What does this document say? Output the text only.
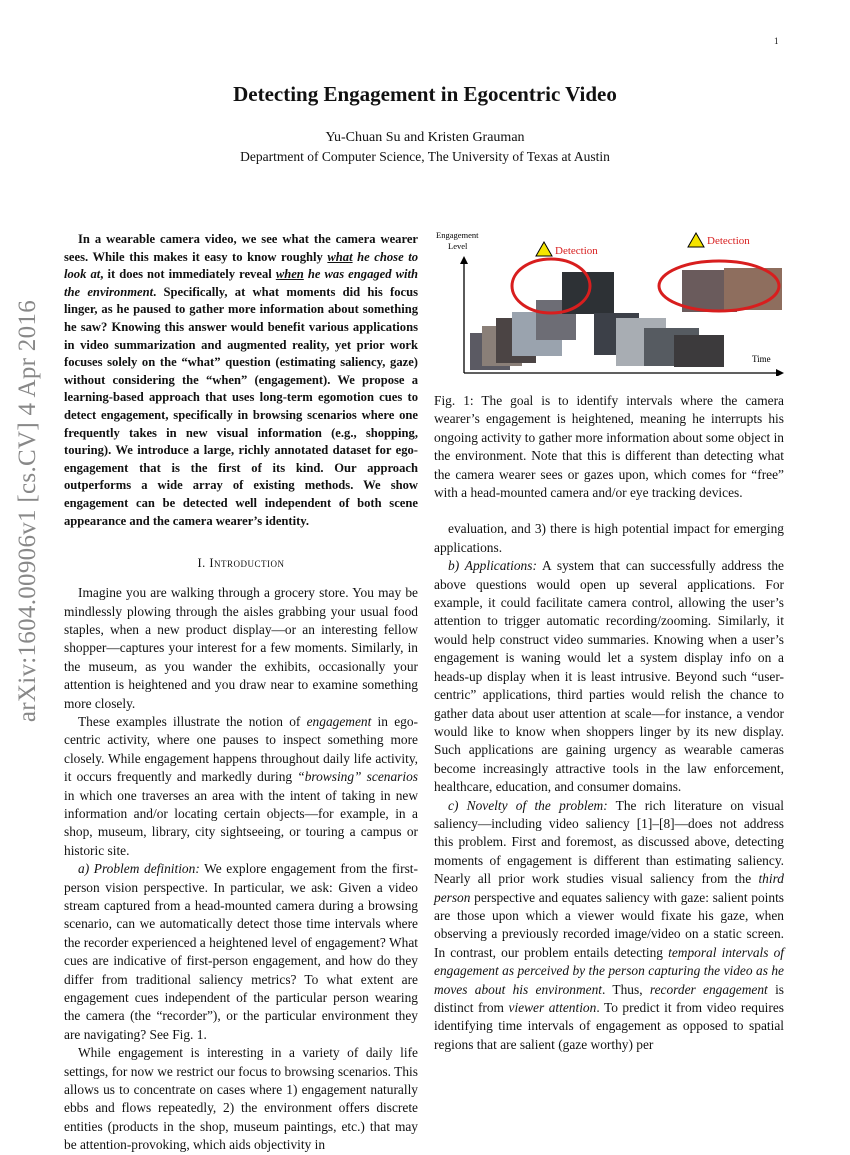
1
arXiv:1604.00906v1 [cs.CV] 4 Apr 2016
Detecting Engagement in Egocentric Video
Yu-Chuan Su and Kristen Grauman
Department of Computer Science, The University of Texas at Austin

In a wearable camera video, we see what the camera wearer sees. While this makes it easy to know roughly what he chose to look at, it does not immediately reveal when he was engaged with the environment. Specifically, at what moments did his focus linger, as he paused to gather more information about something he saw? Knowing this answer would benefit various applications in video summarization and augmented reality, yet prior work focuses solely on the “what” question (estimating saliency, gaze) without considering the “when” (engagement). We propose a learning-based approach that uses long-term egomotion cues to detect engagement, specifically in browsing scenarios where one frequently takes in new visual information (e.g., shopping, touring). We introduce a large, richly annotated dataset for ego-engagement that is the first of its kind. Our approach outperforms a wide array of existing methods. We show engagement can be detected well independent of both scene appearance and the camera wearer’s identity.

I. Introduction

Imagine you are walking through a grocery store. You may be mindlessly plowing through the aisles grabbing your usual food staples, when a new product display—or an interesting fellow shopper—captures your interest for a few moments. Similarly, in the museum, as you wander the exhibits, occasionally your attention is heightened and you draw near to examine something more closely.

These examples illustrate the notion of engagement in ego-centric activity, where one pauses to inspect something more closely. While engagement happens throughout daily life activity, it occurs frequently and markedly during “browsing” scenarios in which one traverses an area with the intent of taking in new information and/or locating certain objects—for example, in a shop, museum, library, city sightseeing, or touring a campus or historic site.

a) Problem definition: We explore engagement from the first-person vision perspective. In particular, we ask: Given a video stream captured from a head-mounted camera during a browsing scenario, can we automatically detect those time intervals where the recorder experienced a heightened level of engagement? What cues are indicative of first-person engagement, and how do they differ from traditional saliency metrics? To what extent are engagement cues independent of the particular person wearing the camera (the “recorder”), or the particular environment they are navigating? See Fig. 1.

While engagement is interesting in a variety of daily life settings, for now we restrict our focus to browsing scenarios. This allows us to concentrate on cases where 1) engagement naturally ebbs and flows repeatedly, 2) the environment offers discrete entities (products in the shop, museum paintings, etc.) that may be attention-provoking, which aids objectivity in

Engagement
Level
Time
Detection
Detection

Fig. 1: The goal is to identify intervals where the camera wearer’s engagement is heightened, meaning he interrupts his ongoing activity to gather more information about some object in the environment. Note that this is different than detecting what the camera wearer sees or gazes upon, which comes for “free” with a head-mounted camera and/or eye tracking devices.

evaluation, and 3) there is high potential impact for emerging applications.

b) Applications: A system that can successfully address the above questions would open up several applications. For example, it could facilitate camera control, allowing the user’s attention to trigger automatic recording/zooming. Similarly, it would help construct video summaries. Knowing when a user’s engagement is waning would let a system display info on a heads-up display when it is least intrusive. Beyond such “user-centric” applications, third parties would relish the chance to gather data about user attention at scale—for instance, a vendor would like to know when shoppers linger by its new display. Such applications are gaining urgency as wearable cameras become increasingly attractive tools in the law enforcement, healthcare, education, and consumer domains.

c) Novelty of the problem: The rich literature on visual saliency—including video saliency [1]–[8]—does not address this problem. First and foremost, as discussed above, detecting moments of engagement is different than estimating saliency. Nearly all prior work studies visual saliency from the third person perspective and equates saliency with gaze: salient points are those upon which a viewer would fixate his gaze, when observing a previously recorded image/video on a static screen. In contrast, our problem entails detecting temporal intervals of engagement as perceived by the person capturing the video as he moves about his environment. Thus, recorder engagement is distinct from viewer attention. To predict it from video requires identifying time intervals of engagement as opposed to spatial regions that are salient (gaze worthy) per
